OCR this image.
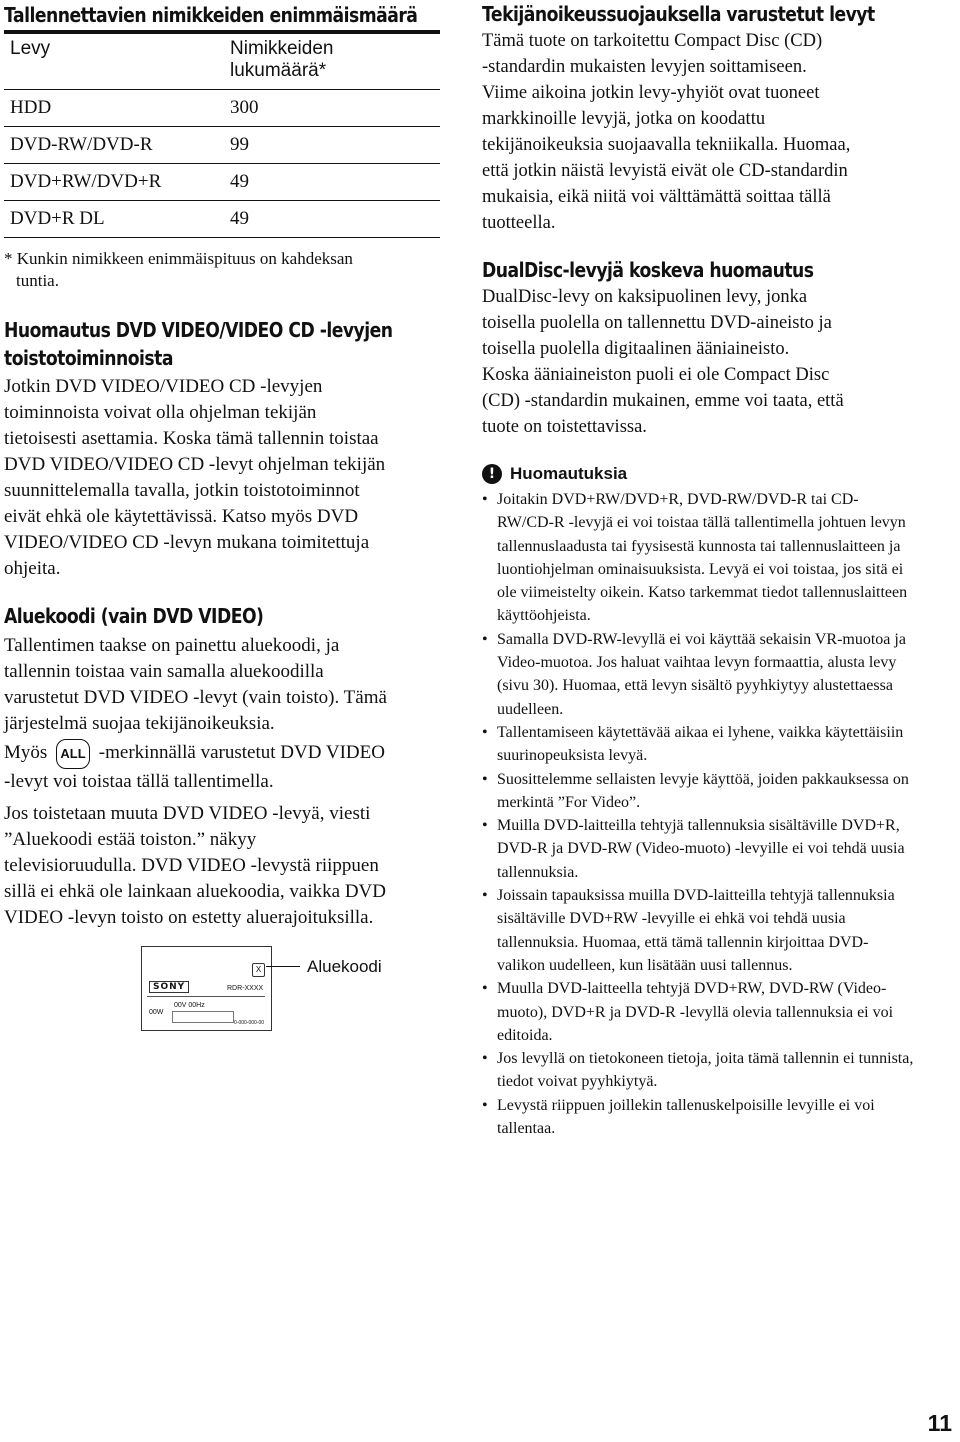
Tallennettavien nimikkeiden enimmäismäärä
Levy	Nimikkeiden
lukumäärä*
HDD	300
DVD-RW/DVD-R	99
DVD+RW/DVD+R	49
DVD+R DL	49
* Kunkin nimikkeen enimmäispituus on kahdeksan
tuntia.
Huomautus DVD VIDEO/VIDEO CD -levyjen
toistotoiminnoista
Jotkin DVD VIDEO/VIDEO CD -levyjen
toiminnoista voivat olla ohjelman tekijän
tietoisesti asettamia. Koska tämä tallennin toistaa
DVD VIDEO/VIDEO CD -levyt ohjelman tekijän
suunnittelemalla tavalla, jotkin toistotoiminnot
eivät ehkä ole käytettävissä. Katso myös DVD
VIDEO/VIDEO CD -levyn mukana toimitettuja
ohjeita.
Aluekoodi (vain DVD VIDEO)
Tallentimen taakse on painettu aluekoodi, ja
tallennin toistaa vain samalla aluekoodilla
varustetut DVD VIDEO -levyt (vain toisto). Tämä
järjestelmä suojaa tekijänoikeuksia.
Myös ALL -merkinnällä varustetut DVD VIDEO
-levyt voi toistaa tällä tallentimella.
Jos toistetaan muuta DVD VIDEO -levyä, viesti
”Aluekoodi estää toiston.” näkyy
televisioruudulla. DVD VIDEO -levystä riippuen
sillä ei ehkä ole lainkaan aluekoodia, vaikka DVD
VIDEO -levyn toisto on estetty aluerajoituksilla.
SONY
X
RDR-XXXX
00V 00Hz
00W
0-000-000-00
Aluekoodi
Tekijänoikeussuojauksella varustetut levyt
Tämä tuote on tarkoitettu Compact Disc (CD)
-standardin mukaisten levyjen soittamiseen.
Viime aikoina jotkin levy-yhyiöt ovat tuoneet
markkinoille levyjä, jotka on koodattu
tekijänoikeuksia suojaavalla tekniikalla. Huomaa,
että jotkin näistä levyistä eivät ole CD-standardin
mukaisia, eikä niitä voi välttämättä soittaa tällä
tuotteella.
DualDisc-levyjä koskeva huomautus
DualDisc-levy on kaksipuolinen levy, jonka
toisella puolella on tallennettu DVD-aineisto ja
toisella puolella digitaalinen ääniaineisto.
Koska ääniaineiston puoli ei ole Compact Disc
(CD) -standardin mukainen, emme voi taata, että
tuote on toistettavissa.
! Huomautuksia
• Joitakin DVD+RW/DVD+R, DVD-RW/DVD-R tai CD-RW/CD-R -levyjä ei voi toistaa tällä tallentimella johtuen levyn tallennuslaadusta tai fyysisestä kunnosta tai tallennuslaitteen ja luontiohjelman ominaisuuksista. Levyä ei voi toistaa, jos sitä ei ole viimeistelty oikein. Katso tarkemmat tiedot tallennuslaitteen käyttöohjeista.
• Samalla DVD-RW-levyllä ei voi käyttää sekaisin VR-muotoa ja Video-muotoa. Jos haluat vaihtaa levyn formaattia, alusta levy (sivu 30). Huomaa, että levyn sisältö pyyhkiytyy alustettaessa uudelleen.
• Tallentamiseen käytettävää aikaa ei lyhene, vaikka käytettäisiin suurinopeuksista levyä.
• Suosittelemme sellaisten levyje käyttöä, joiden pakkauksessa on merkintä ”For Video”.
• Muilla DVD-laitteilla tehtyjä tallennuksia sisältäville DVD+R, DVD-R ja DVD-RW (Video-muoto) -levyille ei voi tehdä uusia tallennuksia.
• Joissain tapauksissa muilla DVD-laitteilla tehtyjä tallennuksia sisältäville DVD+RW -levyille ei ehkä voi tehdä uusia tallennuksia. Huomaa, että tämä tallennin kirjoittaa DVD-valikon uudelleen, kun lisätään uusi tallennus.
• Muulla DVD-laitteella tehtyjä DVD+RW, DVD-RW (Video-muoto), DVD+R ja DVD-R -levyllä olevia tallennuksia ei voi editoida.
• Jos levyllä on tietokoneen tietoja, joita tämä tallennin ei tunnista, tiedot voivat pyyhkiytyä.
• Levystä riippuen joillekin tallenuskelpoisille levyille ei voi tallentaa.
11
